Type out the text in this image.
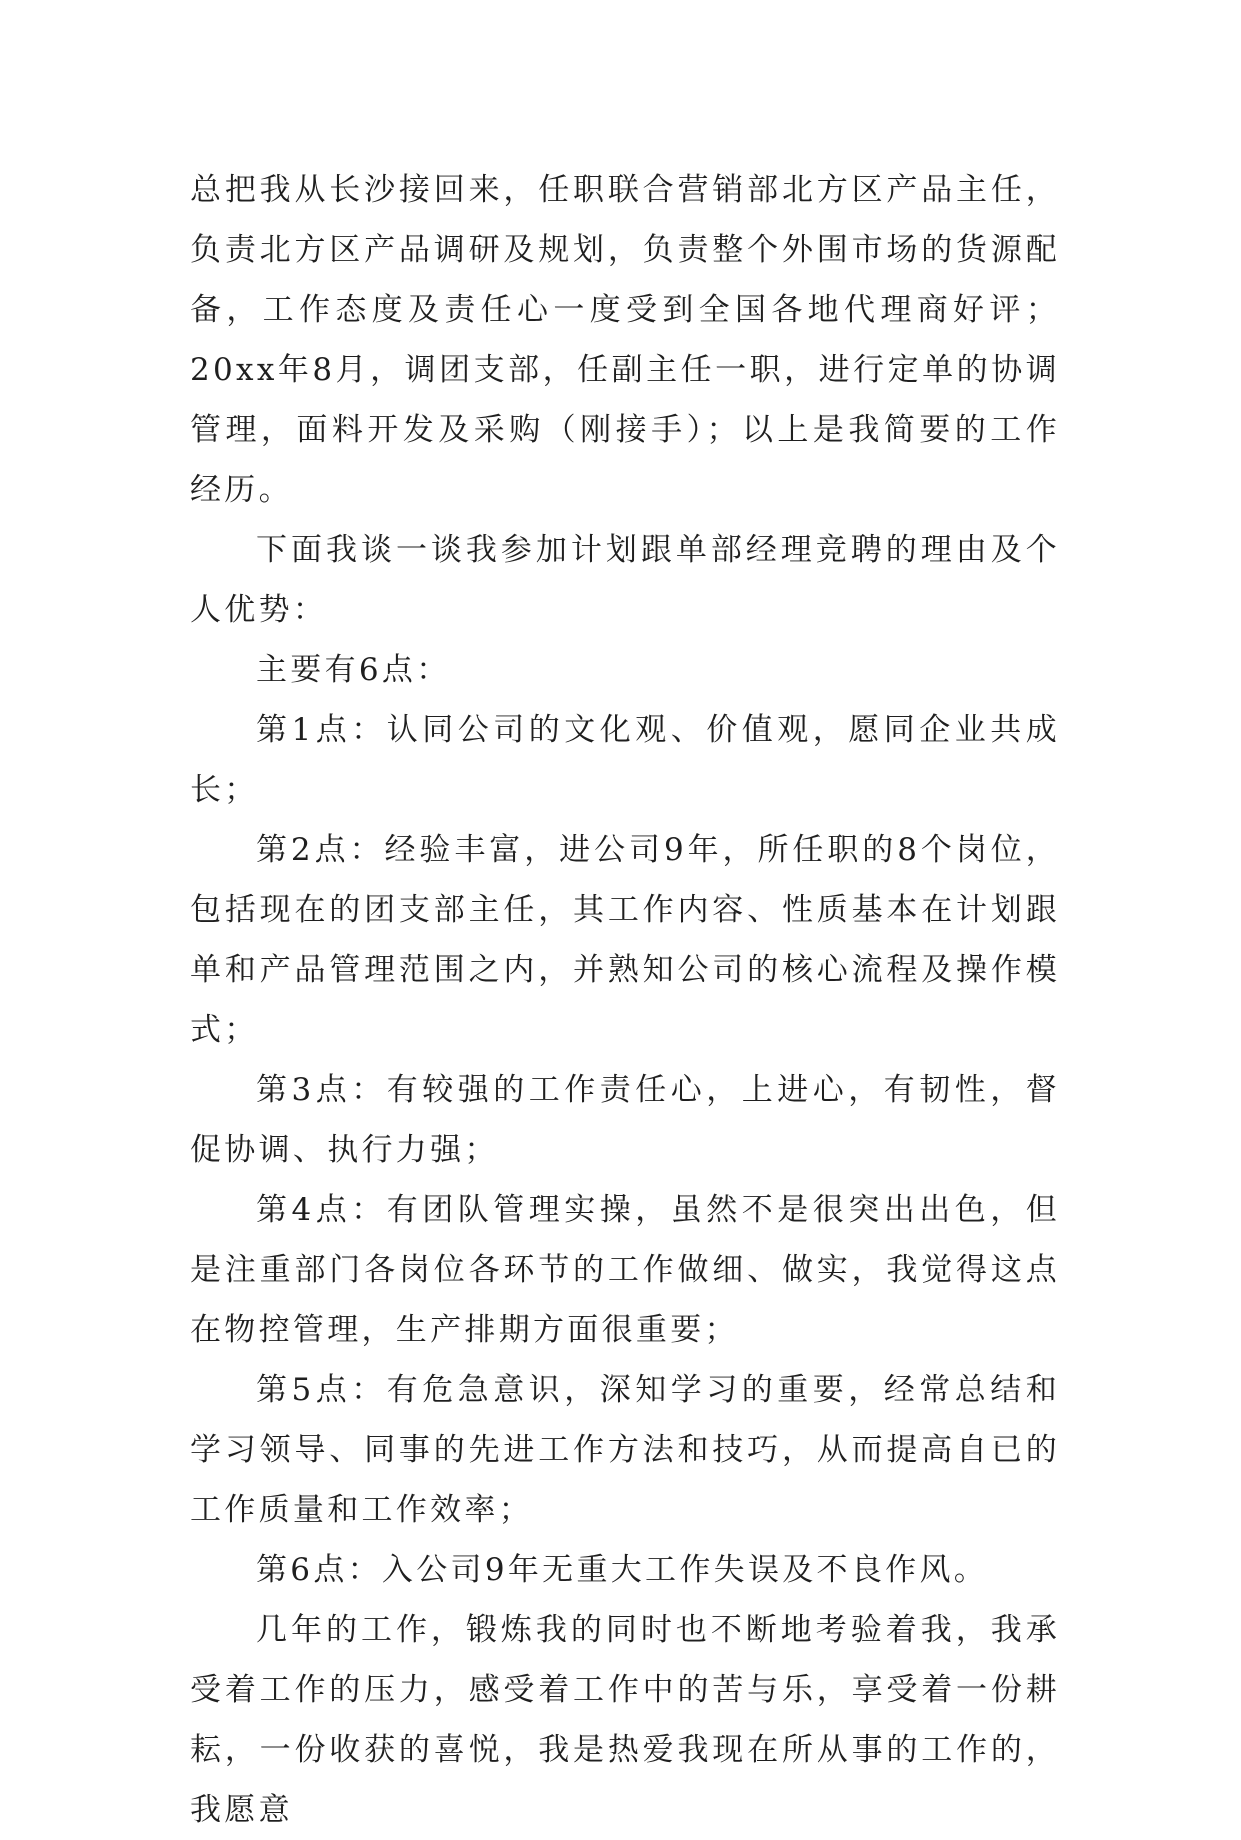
总把我从长沙接回来，任职联合营销部北方区产品主任，负责北方区产品调研及规划，负责整个外围市场的货源配备，工作态度及责任心一度受到全国各地代理商好评；20xx年8月，调团支部，任副主任一职，进行定单的协调管理，面料开发及采购（刚接手）；以上是我简要的工作经历。

下面我谈一谈我参加计划跟单部经理竞聘的理由及个人优势：

主要有6点：

第1点：认同公司的文化观、价值观，愿同企业共成长；

第2点：经验丰富，进公司9年，所任职的8个岗位，包括现在的团支部主任，其工作内容、性质基本在计划跟单和产品管理范围之内，并熟知公司的核心流程及操作模式；

第3点：有较强的工作责任心，上进心，有韧性，督促协调、执行力强；

第4点：有团队管理实操，虽然不是很突出出色，但是注重部门各岗位各环节的工作做细、做实，我觉得这点在物控管理，生产排期方面很重要；

第5点：有危急意识，深知学习的重要，经常总结和学习领导、同事的先进工作方法和技巧，从而提高自已的工作质量和工作效率；

第6点：入公司9年无重大工作失误及不良作风。

几年的工作，锻炼我的同时也不断地考验着我，我承受着工作的压力，感受着工作中的苦与乐，享受着一份耕耘，一份收获的喜悦，我是热爱我现在所从事的工作的，我愿意
